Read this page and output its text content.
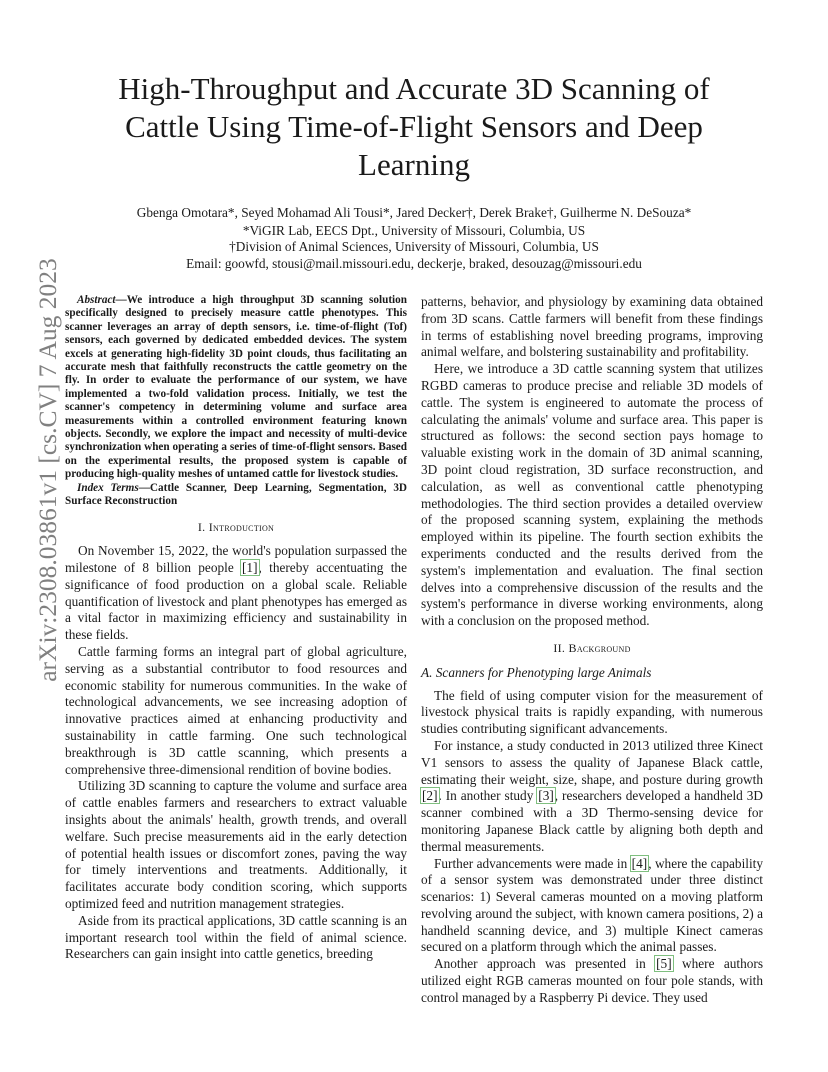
arXiv:2308.03861v1 [cs.CV] 7 Aug 2023
High-Throughput and Accurate 3D Scanning of Cattle Using Time-of-Flight Sensors and Deep Learning
Gbenga Omotara*, Seyed Mohamad Ali Tousi*, Jared Decker†, Derek Brake†, Guilherme N. DeSouza*
*ViGIR Lab, EECS Dpt., University of Missouri, Columbia, US
†Division of Animal Sciences, University of Missouri, Columbia, US
Email: goowfd, stousi@mail.missouri.edu, deckerje, braked, desouzag@missouri.edu

Abstract—We introduce a high throughput 3D scanning solution specifically designed to precisely measure cattle phenotypes. This scanner leverages an array of depth sensors, i.e. time-of-flight (Tof) sensors, each governed by dedicated embedded devices. The system excels at generating high-fidelity 3D point clouds, thus facilitating an accurate mesh that faithfully reconstructs the cattle geometry on the fly. In order to evaluate the performance of our system, we have implemented a two-fold validation process. Initially, we test the scanner's competency in determining volume and surface area measurements within a controlled environment featuring known objects. Secondly, we explore the impact and necessity of multi-device synchronization when operating a series of time-of-flight sensors. Based on the experimental results, the proposed system is capable of producing high-quality meshes of untamed cattle for livestock studies.

Index Terms—Cattle Scanner, Deep Learning, Segmentation, 3D Surface Reconstruction

I. Introduction

On November 15, 2022, the world's population surpassed the milestone of 8 billion people [1], thereby accentuating the significance of food production on a global scale. Reliable quantification of livestock and plant phenotypes has emerged as a vital factor in maximizing efficiency and sustainability in these fields.

Cattle farming forms an integral part of global agriculture, serving as a substantial contributor to food resources and economic stability for numerous communities. In the wake of technological advancements, we see increasing adoption of innovative practices aimed at enhancing productivity and sustainability in cattle farming. One such technological breakthrough is 3D cattle scanning, which presents a comprehensive three-dimensional rendition of bovine bodies.

Utilizing 3D scanning to capture the volume and surface area of cattle enables farmers and researchers to extract valuable insights about the animals' health, growth trends, and overall welfare. Such precise measurements aid in the early detection of potential health issues or discomfort zones, paving the way for timely interventions and treatments. Additionally, it facilitates accurate body condition scoring, which supports optimized feed and nutrition management strategies.

Aside from its practical applications, 3D cattle scanning is an important research tool within the field of animal science. Researchers can gain insight into cattle genetics, breeding

patterns, behavior, and physiology by examining data obtained from 3D scans. Cattle farmers will benefit from these findings in terms of establishing novel breeding programs, improving animal welfare, and bolstering sustainability and profitability.

Here, we introduce a 3D cattle scanning system that utilizes RGBD cameras to produce precise and reliable 3D models of cattle. The system is engineered to automate the process of calculating the animals' volume and surface area. This paper is structured as follows: the second section pays homage to valuable existing work in the domain of 3D animal scanning, 3D point cloud registration, 3D surface reconstruction, and calculation, as well as conventional cattle phenotyping methodologies. The third section provides a detailed overview of the proposed scanning system, explaining the methods employed within its pipeline. The fourth section exhibits the experiments conducted and the results derived from the system's implementation and evaluation. The final section delves into a comprehensive discussion of the results and the system's performance in diverse working environments, along with a conclusion on the proposed method.

II. Background
A. Scanners for Phenotyping large Animals

The field of using computer vision for the measurement of livestock physical traits is rapidly expanding, with numerous studies contributing significant advancements.

For instance, a study conducted in 2013 utilized three Kinect V1 sensors to assess the quality of Japanese Black cattle, estimating their weight, size, shape, and posture during growth [2]. In another study [3], researchers developed a handheld 3D scanner combined with a 3D Thermo-sensing device for monitoring Japanese Black cattle by aligning both depth and thermal measurements.

Further advancements were made in [4], where the capability of a sensor system was demonstrated under three distinct scenarios: 1) Several cameras mounted on a moving platform revolving around the subject, with known camera positions, 2) a handheld scanning device, and 3) multiple Kinect cameras secured on a platform through which the animal passes.

Another approach was presented in [5] where authors utilized eight RGB cameras mounted on four pole stands, with control managed by a Raspberry Pi device. They used
